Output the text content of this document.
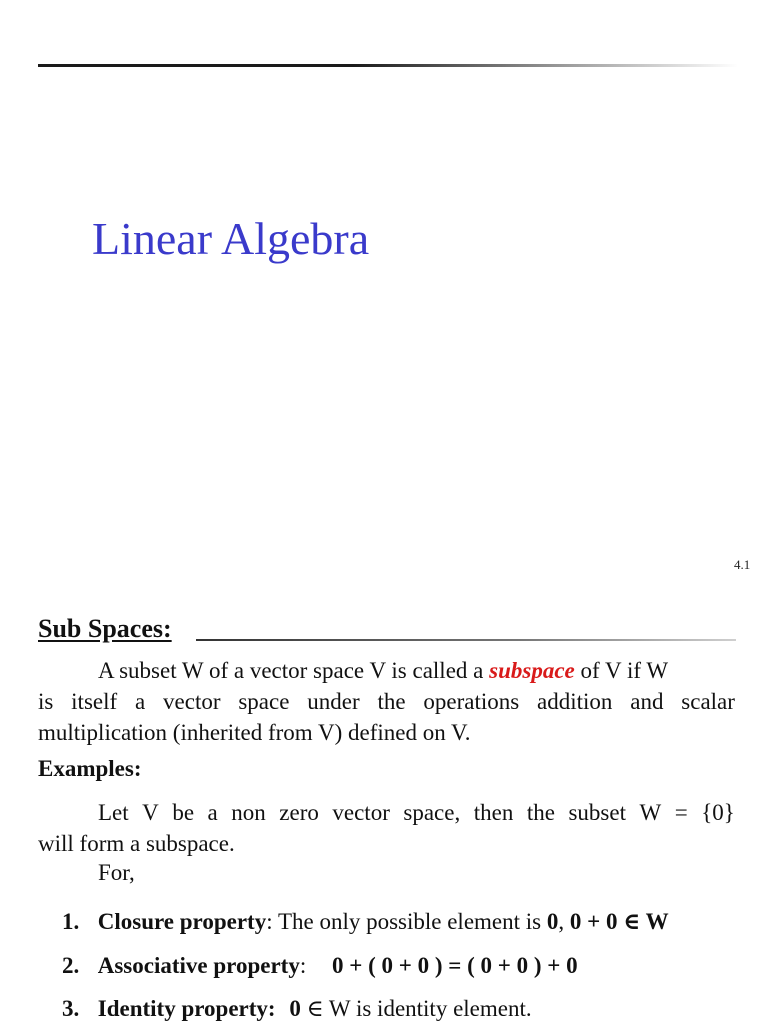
Linear Algebra
4.1
Sub Spaces:
A subset W of a vector space V is called a subspace of V if W
is itself a vector space under the operations addition and scalar
multiplication (inherited from V) defined on V.
Examples:
Let V be a non zero vector space, then the subset W = {0}
will form a subspace.
For,
1. Closure property: The only possible element is 0, 0 + 0 ∈ W
2. Associative property: 0 + ( 0 + 0 ) = ( 0 + 0 ) + 0
3. Identity property: 0 ∈ W is identity element.
